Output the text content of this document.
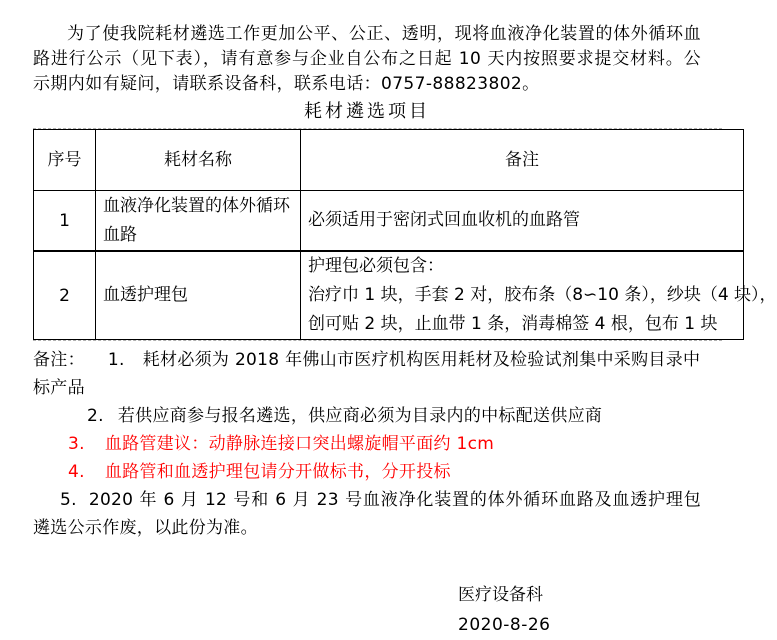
为了使我院耗材遴选工作更加公平、公正、透明，现将血液净化装置的体外循环血路进行公示（见下表），请有意参与企业自公布之日起 10 天内按照要求提交材料。公示期内如有疑问，请联系设备科，联系电话：0757-88823802。

耗材遴选项目
序号	耗材名称	备注
1	血液净化装置的体外循环血路	必须适用于密闭式回血收机的血路管

2	血透护理包	护理包必须包含：
治疗巾 1 块，手套 2 对，胶布条（8∽10 条），纱块（4 块），
创可贴 2 块，止血带 1 条，消毒棉签 4 根，包布 1 块
备注： 1. 耗材必须为 2018 年佛山市医疗机构医用耗材及检验试剂集中采购目录中标产品
2. 若供应商参与报名遴选，供应商必须为目录内的中标配送供应商
3. 血路管建议：动静脉连接口突出螺旋帽平面约 1cm
4. 血路管和血透护理包请分开做标书，分开投标
5. 2020 年 6 月 12 号和 6 月 23 号血液净化装置的体外循环血路及血透护理包遴选公示作废，以此份为准。
医疗设备科
2020-8-26
